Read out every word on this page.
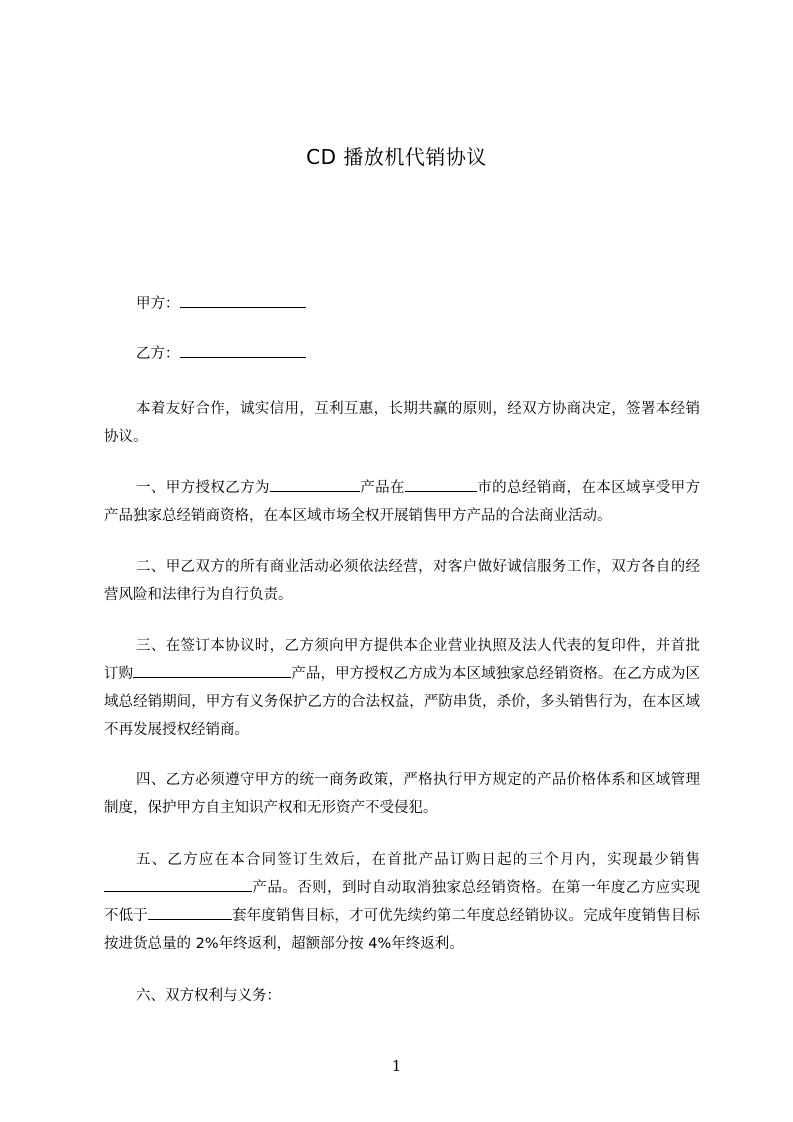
CD 播放机代销协议

甲方：

乙方：

本着友好合作，诚实信用，互利互惠，长期共赢的原则，经双方协商决定，签署本经销协议。

一、甲方授权乙方为	产品在	市的总经销商，在本区域享受甲方产品独家总经销商资格，在本区域市场全权开展销售甲方产品的合法商业活动。

二、甲乙双方的所有商业活动必须依法经营，对客户做好诚信服务工作，双方各自的经营风险和法律行为自行负责。

三、在签订本协议时，乙方须向甲方提供本企业营业执照及法人代表的复印件，并首批订购	产品，甲方授权乙方成为本区域独家总经销资格。在乙方成为区域总经销期间，甲方有义务保护乙方的合法权益，严防串货，杀价，多头销售行为，在本区域不再发展授权经销商。

四、乙方必须遵守甲方的统一商务政策，严格执行甲方规定的产品价格体系和区域管理制度，保护甲方自主知识产权和无形资产不受侵犯。

五、乙方应在本合同签订生效后，在首批产品订购日起的三个月内，实现最少销售产品。否则，到时自动取消独家总经销资格。在第一年度乙方应实现不低于	套年度销售目标，才可优先续约第二年度总经销协议。完成年度销售目标按进货总量的 2%年终返利，超额部分按 4%年终返利。

六、双方权利与义务：

1
